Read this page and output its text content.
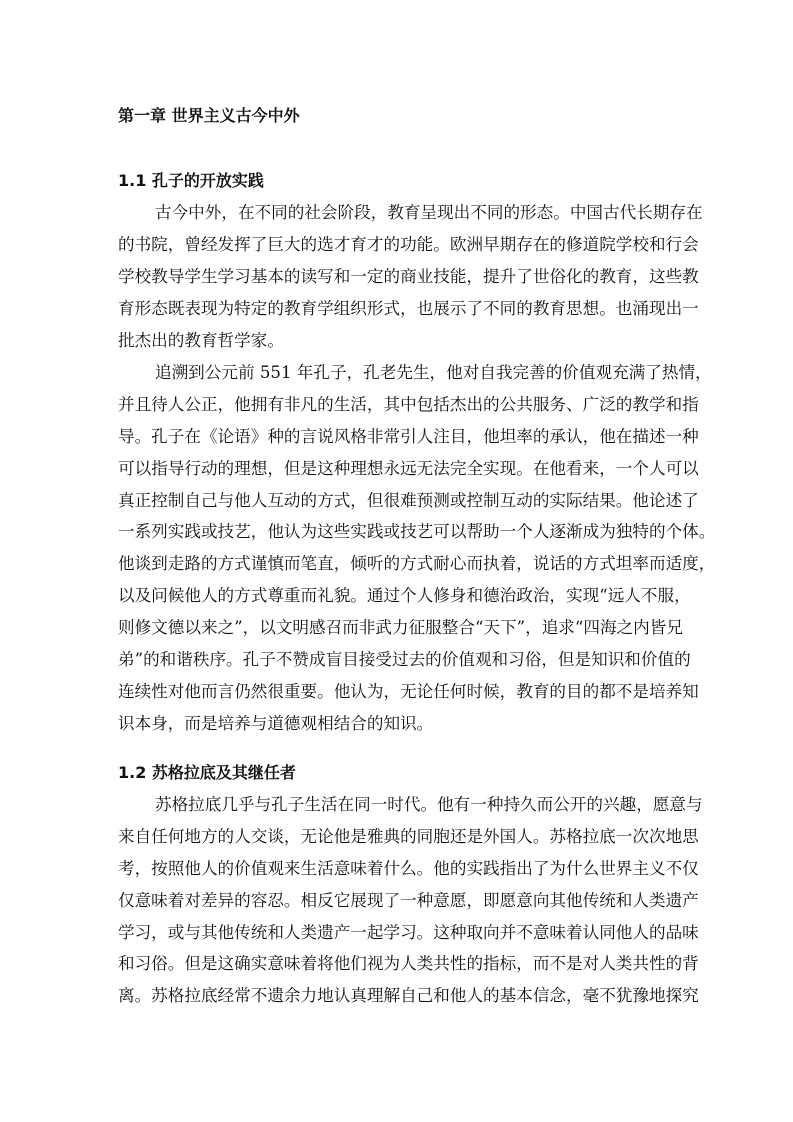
第一章 世界主义古今中外
1.1 孔子的开放实践
古今中外，在不同的社会阶段，教育呈现出不同的形态。中国古代长期存在
的书院，曾经发挥了巨大的选才育才的功能。欧洲早期存在的修道院学校和行会
学校教导学生学习基本的读写和一定的商业技能，提升了世俗化的教育，这些教
育形态既表现为特定的教育学组织形式，也展示了不同的教育思想。也涌现出一
批杰出的教育哲学家。
追溯到公元前 551 年孔子，孔老先生，他对自我完善的价值观充满了热情，
并且待人公正，他拥有非凡的生活，其中包括杰出的公共服务、广泛的教学和指
导。孔子在《论语》种的言说风格非常引人注目，他坦率的承认，他在描述一种
可以指导行动的理想，但是这种理想永远无法完全实现。在他看来，一个人可以
真正控制自己与他人互动的方式，但很难预测或控制互动的实际结果。他论述了
一系列实践或技艺，他认为这些实践或技艺可以帮助一个人逐渐成为独特的个体。
他谈到走路的方式谨慎而笔直，倾听的方式耐心而执着，说话的方式坦率而适度，
以及问候他人的方式尊重而礼貌。通过个人修身和德治政治，实现“远人不服，
则修文德以来之”，以文明感召而非武力征服整合“天下”，追求“四海之内皆兄
弟”的和谐秩序。孔子不赞成盲目接受过去的价值观和习俗，但是知识和价值的
连续性对他而言仍然很重要。他认为，无论任何时候，教育的目的都不是培养知
识本身，而是培养与道德观相结合的知识。
1.2 苏格拉底及其继任者
苏格拉底几乎与孔子生活在同一时代。他有一种持久而公开的兴趣，愿意与
来自任何地方的人交谈，无论他是雅典的同胞还是外国人。苏格拉底一次次地思
考，按照他人的价值观来生活意味着什么。他的实践指出了为什么世界主义不仅
仅意味着对差异的容忍。相反它展现了一种意愿，即愿意向其他传统和人类遗产
学习，或与其他传统和人类遗产一起学习。这种取向并不意味着认同他人的品味
和习俗。但是这确实意味着将他们视为人类共性的指标，而不是对人类共性的背
离。苏格拉底经常不遗余力地认真理解自己和他人的基本信念，毫不犹豫地探究
